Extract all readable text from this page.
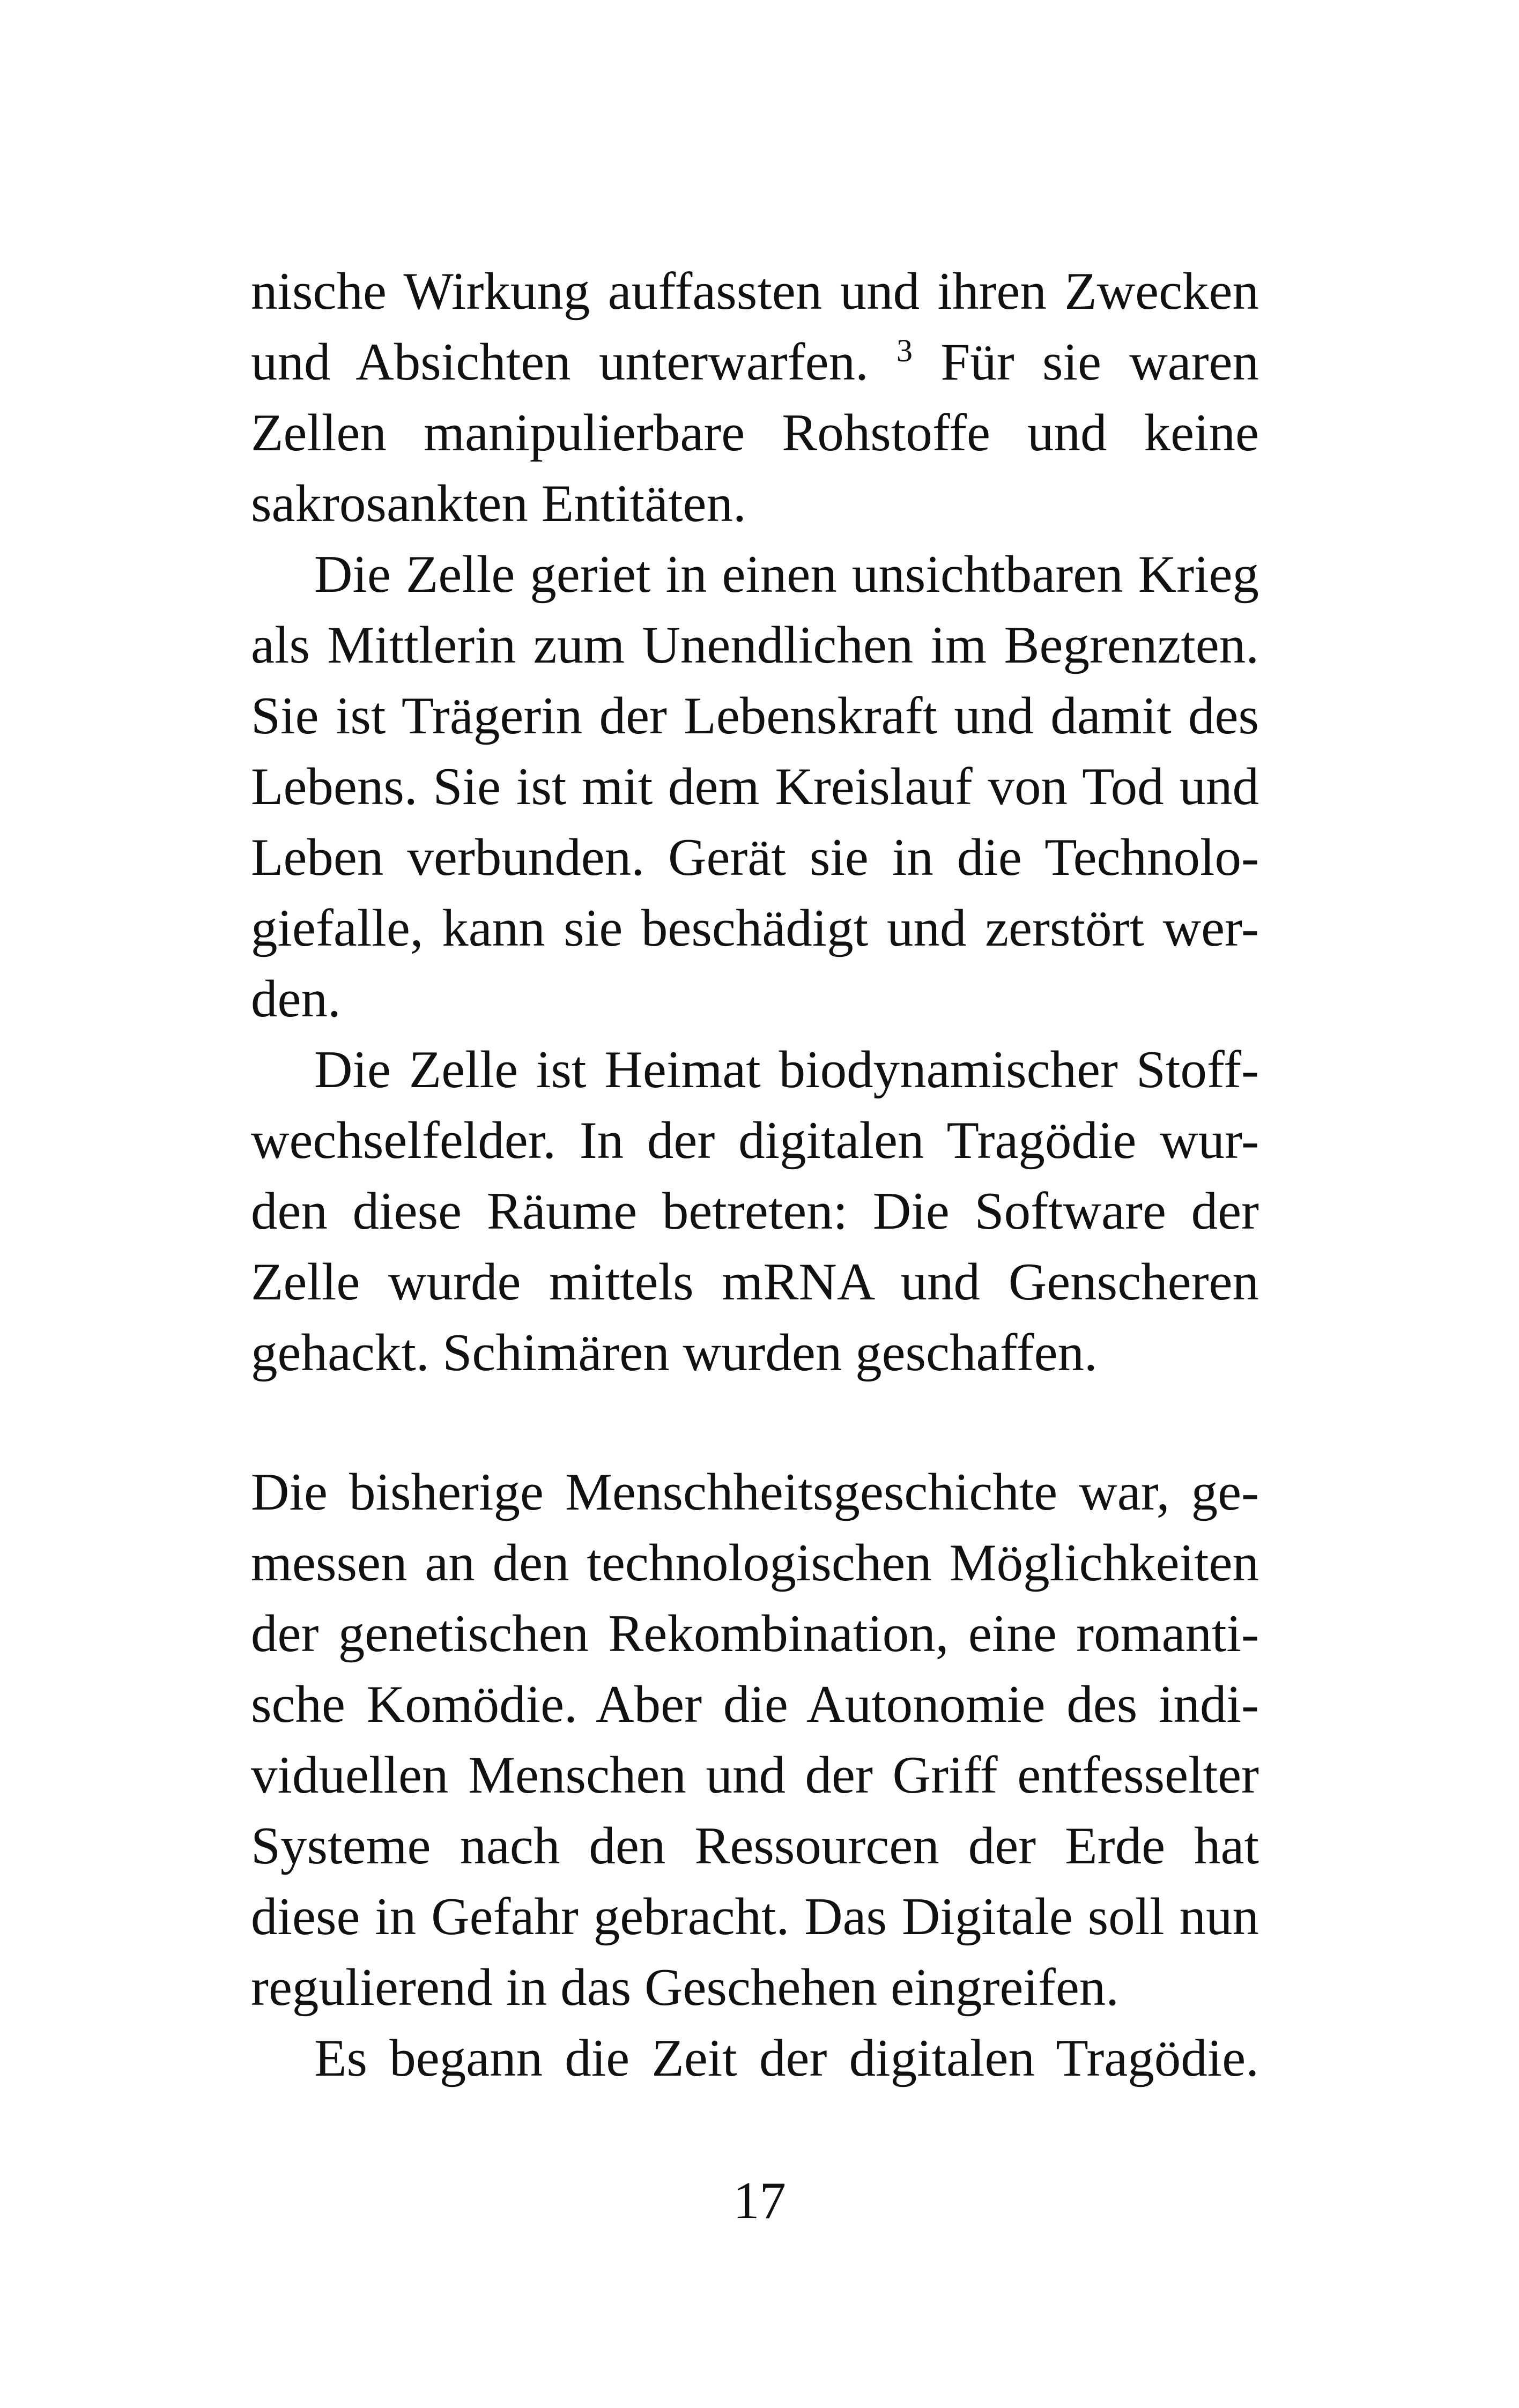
nische Wirkung auffassten und ihren Zwecken
und Absichten unterwarfen. $^3$ Für sie waren
Zellen manipulierbare Rohstoffe und keine
sakrosankten Entitäten.
Die Zelle geriet in einen unsichtbaren Krieg
als Mittlerin zum Unendlichen im Begrenzten.
Sie ist Trägerin der Lebenskraft und damit des
Lebens. Sie ist mit dem Kreislauf von Tod und
Leben verbunden. Gerät sie in die Technolo-
giefalle, kann sie beschädigt und zerstört wer-
den.
Die Zelle ist Heimat biodynamischer Stoff-
wechselfelder. In der digitalen Tragödie wur-
den diese Räume betreten: Die Software der
Zelle wurde mittels mRNA und Genscheren
gehackt. Schimären wurden geschaffen.
Die bisherige Menschheitsgeschichte war, ge-
messen an den technologischen Möglichkeiten
der genetischen Rekombination, eine romanti-
sche Komödie. Aber die Autonomie des indi-
viduellen Menschen und der Griff entfesselter
Systeme nach den Ressourcen der Erde hat
diese in Gefahr gebracht. Das Digitale soll nun
regulierend in das Geschehen eingreifen.
Es begann die Zeit der digitalen Tragödie.
17
